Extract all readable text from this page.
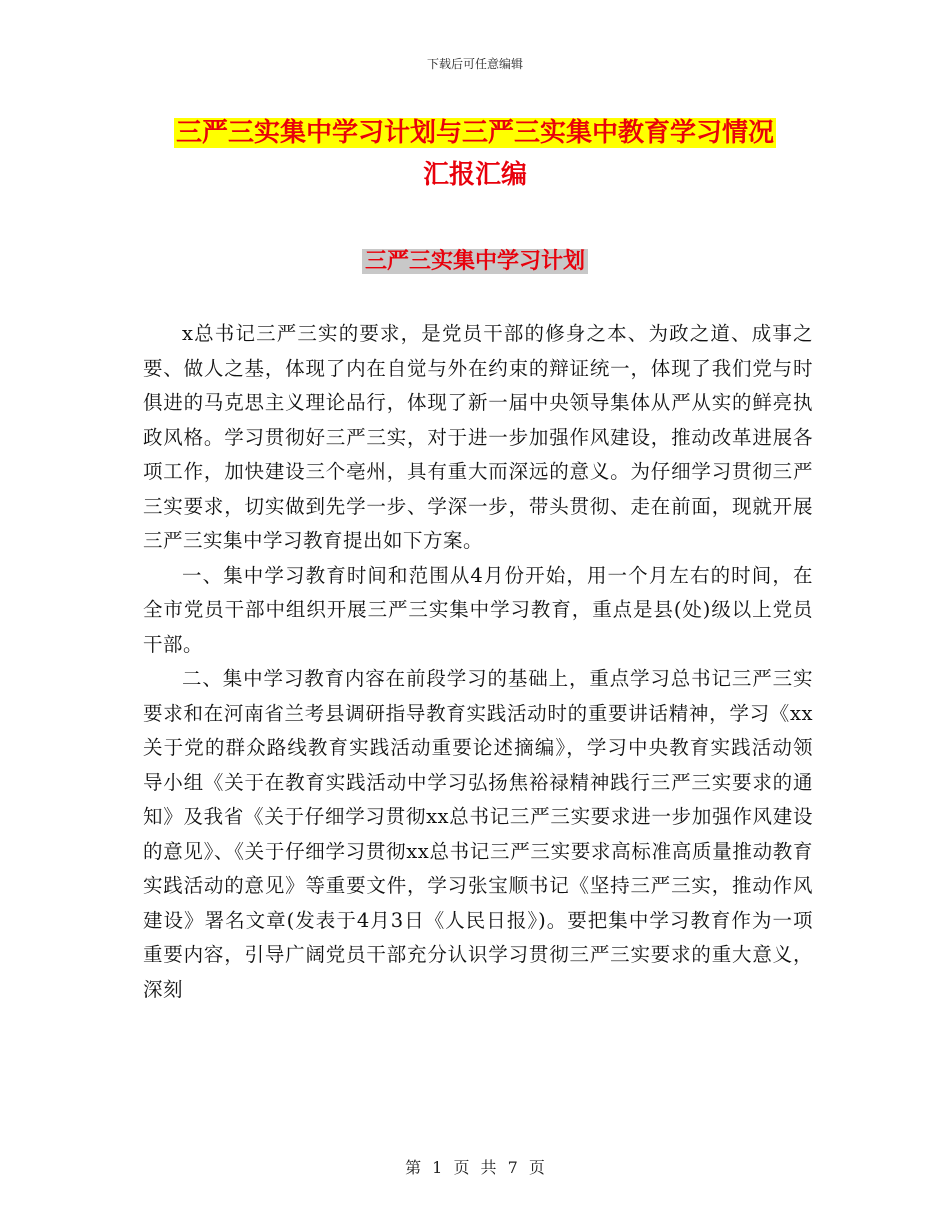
下载后可任意编辑
三严三实集中学习计划与三严三实集中教育学习情况
汇报汇编
三严三实集中学习计划

x总书记三严三实的要求，是党员干部的修身之本、为政之道、成事之要、做人之基，体现了内在自觉与外在约束的辩证统一，体现了我们党与时俱进的马克思主义理论品行，体现了新一届中央领导集体从严从实的鲜亮执政风格。学习贯彻好三严三实，对于进一步加强作风建设，推动改革进展各项工作，加快建设三个亳州，具有重大而深远的意义。为仔细学习贯彻三严三实要求，切实做到先学一步、学深一步，带头贯彻、走在前面，现就开展三严三实集中学习教育提出如下方案。

一、集中学习教育时间和范围从4月份开始，用一个月左右的时间，在全市党员干部中组织开展三严三实集中学习教育，重点是县(处)级以上党员干部。

二、集中学习教育内容在前段学习的基础上，重点学习总书记三严三实要求和在河南省兰考县调研指导教育实践活动时的重要讲话精神，学习《xx关于党的群众路线教育实践活动重要论述摘编》，学习中央教育实践活动领导小组《关于在教育实践活动中学习弘扬焦裕禄精神践行三严三实要求的通知》及我省《关于仔细学习贯彻xx总书记三严三实要求进一步加强作风建设的意见》、《关于仔细学习贯彻xx总书记三严三实要求高标准高质量推动教育实践活动的意见》等重要文件，学习张宝顺书记《坚持三严三实，推动作风建设》署名文章(发表于4月3日《人民日报》)。要把集中学习教育作为一项重要内容，引导广阔党员干部充分认识学习贯彻三严三实要求的重大意义，深刻

第 1 页 共 7 页
